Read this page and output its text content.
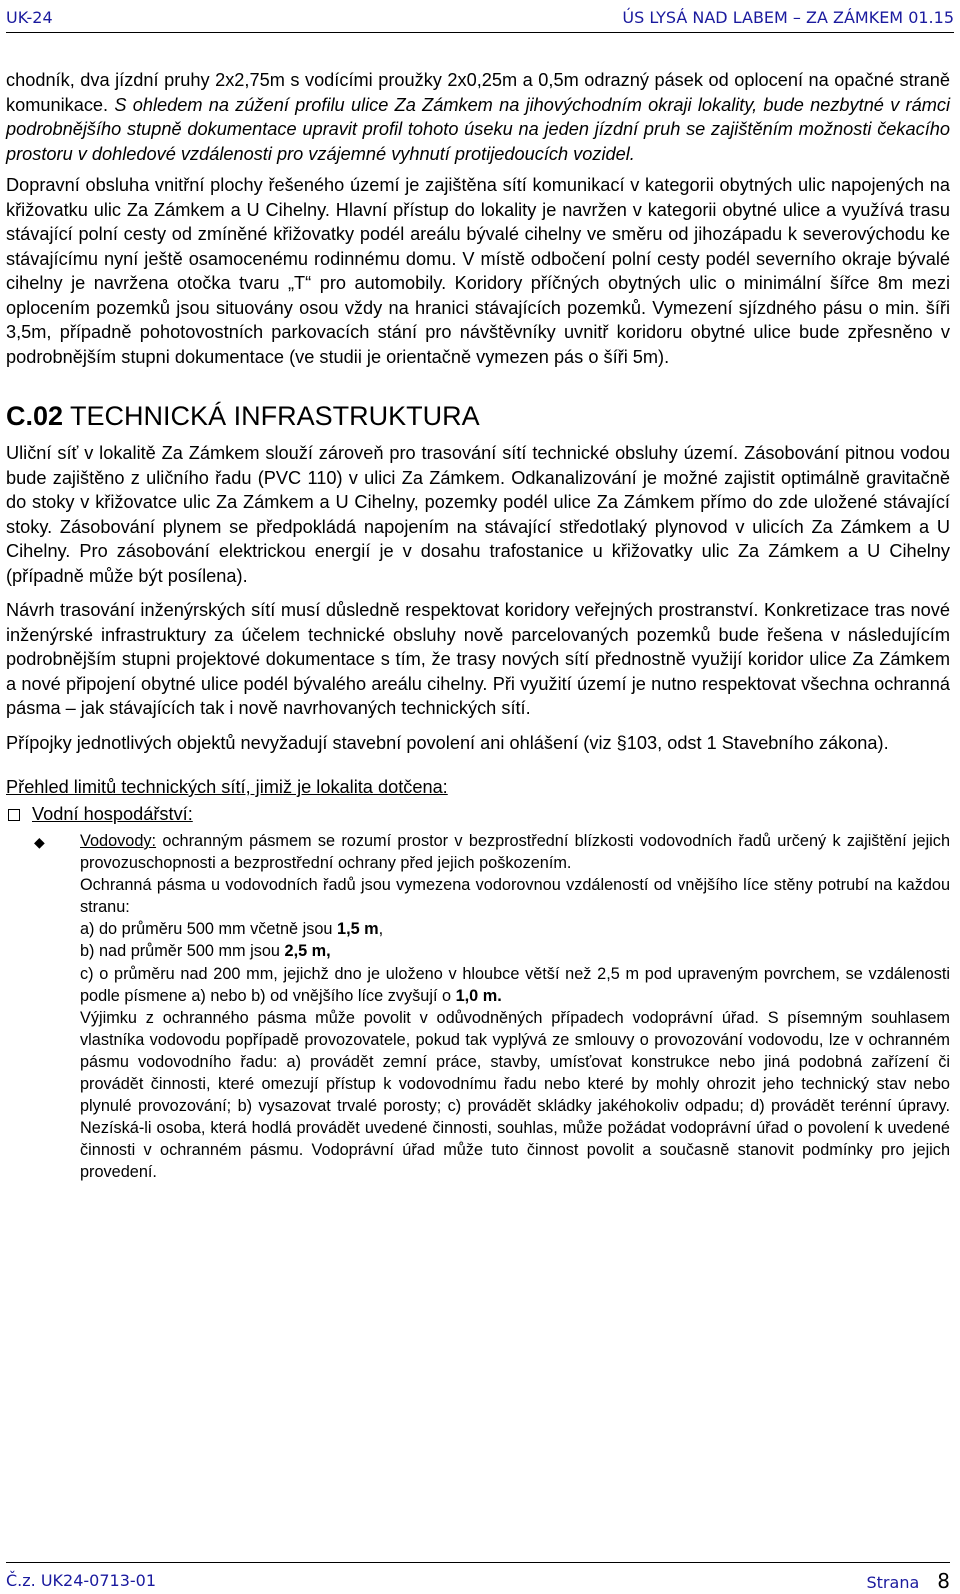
UK-24	ÚS LYSÁ NAD LABEM – ZA ZÁMKEM 01.15

chodník, dva jízdní pruhy 2x2,75m s vodícími proužky 2x0,25m a 0,5m odrazný pásek od oplocení na opačné straně komunikace. S ohledem na zúžení profilu ulice Za Zámkem na jihovýchodním okraji lokality, bude nezbytné v rámci podrobnějšího stupně dokumentace upravit profil tohoto úseku na jeden jízdní pruh se zajištěním možnosti čekacího prostoru v dohledové vzdálenosti pro vzájemné vyhnutí protijedoucích vozidel.

Dopravní obsluha vnitřní plochy řešeného území je zajištěna sítí komunikací v kategorii obytných ulic napojených na křižovatku ulic Za Zámkem a U Cihelny. Hlavní přístup do lokality je navržen v kategorii obytné ulice a využívá trasu stávající polní cesty od zmíněné křižovatky podél areálu bývalé cihelny ve směru od jihozápadu k severovýchodu ke stávajícímu nyní ještě osamocenému rodinnému domu. V místě odbočení polní cesty podél severního okraje bývalé cihelny je navržena otočka tvaru „T“ pro automobily. Koridory příčných obytných ulic o minimální šířce 8m mezi oplocením pozemků jsou situovány osou vždy na hranici stávajících pozemků. Vymezení sjízdného pásu o min. šíři 3,5m, případně pohotovostních parkovacích stání pro návštěvníky uvnitř koridoru obytné ulice bude zpřesněno v podrobnějším stupni dokumentace (ve studii je orientačně vymezen pás o šíři 5m).

C.02 TECHNICKÁ INFRASTRUKTURA

Uliční síť v lokalitě Za Zámkem slouží zároveň pro trasování sítí technické obsluhy území. Zásobování pitnou vodou bude zajištěno z uličního řadu (PVC 110) v ulici Za Zámkem. Odkanalizování je možné zajistit optimálně gravitačně do stoky v křižovatce ulic Za Zámkem a U Cihelny, pozemky podél ulice Za Zámkem přímo do zde uložené stávající stoky. Zásobování plynem se předpokládá napojením na stávající středotlaký plynovod v ulicích Za Zámkem a U Cihelny. Pro zásobování elektrickou energií je v dosahu trafostanice u křižovatky ulic Za Zámkem a U Cihelny (případně může být posílena).

Návrh trasování inženýrských sítí musí důsledně respektovat koridory veřejných prostranství. Konkretizace tras nové inženýrské infrastruktury za účelem technické obsluhy nově parcelovaných pozemků bude řešena v následujícím podrobnějším stupni projektové dokumentace s tím, že trasy nových sítí přednostně využijí koridor ulice Za Zámkem a nové připojení obytné ulice podél bývalého areálu cihelny. Při využití území je nutno respektovat všechna ochranná pásma – jak stávajících tak i nově navrhovaných technických sítí.

Přípojky jednotlivých objektů nevyžadují stavební povolení ani ohlášení (viz §103, odst 1 Stavebního zákona).

Přehled limitů technických sítí, jimiž je lokalita dotčena:
Vodní hospodářství:
◆ Vodovody: ochranným pásmem se rozumí prostor v bezprostřední blízkosti vodovodních řadů určený k zajištění jejich provozuschopnosti a bezprostřední ochrany před jejich poškozením.
Ochranná pásma u vodovodních řadů jsou vymezena vodorovnou vzdáleností od vnějšího líce stěny potrubí na každou stranu:
a) do průměru 500 mm včetně jsou 1,5 m,
b) nad průměr 500 mm jsou 2,5 m,
c) o průměru nad 200 mm, jejichž dno je uloženo v hloubce větší než 2,5 m pod upraveným povrchem, se vzdálenosti podle písmene a) nebo b) od vnějšího líce zvyšují o 1,0 m.
Výjimku z ochranného pásma může povolit v odůvodněných případech vodoprávní úřad. S písemným souhlasem vlastníka vodovodu popřípadě provozovatele, pokud tak vyplývá ze smlouvy o provozování vodovodu, lze v ochranném pásmu vodovodního řadu: a) provádět zemní práce, stavby, umísťovat konstrukce nebo jiná podobná zařízení či provádět činnosti, které omezují přístup k vodovodnímu řadu nebo které by mohly ohrozit jeho technický stav nebo plynulé provozování; b) vysazovat trvalé porosty; c) provádět skládky jakéhokoliv odpadu; d) provádět terénní úpravy. Nezíská-li osoba, která hodlá provádět uvedené činnosti, souhlas, může požádat vodoprávní úřad o povolení k uvedené činnosti v ochranném pásmu. Vodoprávní úřad může tuto činnost povolit a současně stanovit podmínky pro jejich provedení.
Č.z. UK24-0713-01	Strana 8
